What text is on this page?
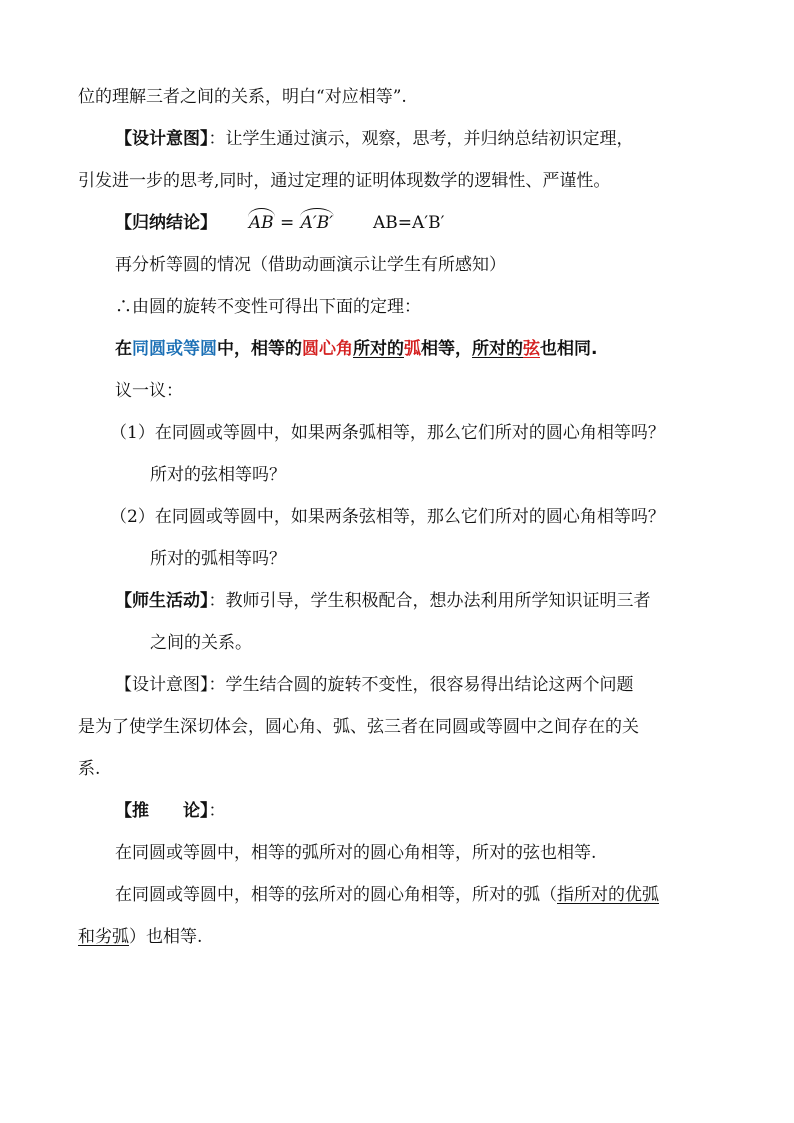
位的理解三者之间的关系，明白“对应相等”.
【设计意图】：让学生通过演示，观察，思考，并归纳总结初识定理，
引发进一步的思考,同时，通过定理的证明体现数学的逻辑性、严谨性。
【归纳结论】 AB = A′B′ AB=A′B′
再分析等圆的情况（借助动画演示让学生有所感知）
∴由圆的旋转不变性可得出下面的定理：
在同圆或等圆中，相等的圆心角所对的弧相等，所对的弦也相同.
议一议：
（1）在同圆或等圆中，如果两条弧相等，那么它们所对的圆心角相等吗？
所对的弦相等吗？
（2）在同圆或等圆中，如果两条弦相等，那么它们所对的圆心角相等吗？
所对的弧相等吗？
【师生活动】：教师引导，学生积极配合，想办法利用所学知识证明三者
之间的关系。
【设计意图】：学生结合圆的旋转不变性，很容易得出结论这两个问题
是为了使学生深切体会，圆心角、弧、弦三者在同圆或等圆中之间存在的关
系.
【推　　论】：
在同圆或等圆中，相等的弧所对的圆心角相等，所对的弦也相等.
在同圆或等圆中，相等的弦所对的圆心角相等，所对的弧（指所对的优弧
和劣弧）也相等.
